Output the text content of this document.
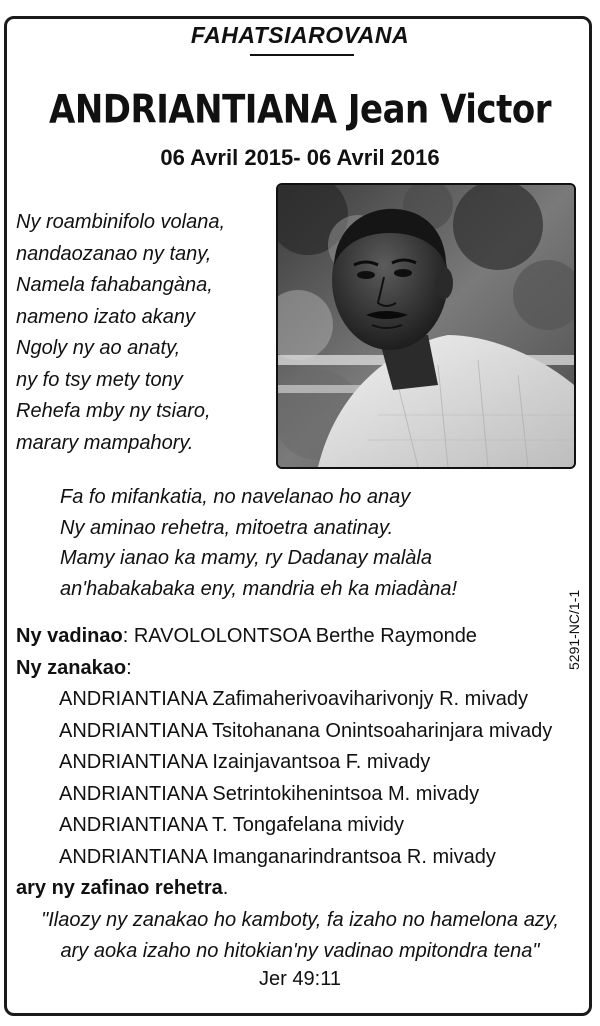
FAHATSIAROVANA
ANDRIANTIANA Jean Victor
06 Avril 2015- 06 Avril 2016
Ny roambinifolo volana,
nandaozanao ny tany,
Namela fahabangàna,
nameno izato akany
Ngoly ny ao anaty,
ny fo tsy mety tony
Rehefa mby ny tsiaro,
marary mampahory.
Fa fo mifankatia, no navelanao ho anay
Ny aminao rehetra, mitoetra anatinay.
Mamy ianao ka mamy, ry Dadanay malàla
an'habakabaka eny, mandria eh ka miadàna!
5291-NC/1-1
Ny vadinao: RAVOLOLONTSOA Berthe Raymonde
Ny zanakao:
ANDRIANTIANA Zafimaherivoaviharivonjy R. mivady
ANDRIANTIANA Tsitohanana Onintsoaharinjara mivady
ANDRIANTIANA Izainjavantsoa F. mivady
ANDRIANTIANA Setrintokihenintsoa M. mivady
ANDRIANTIANA T. Tongafelana mividy
ANDRIANTIANA Imanganarindrantsoa R. mivady
ary ny zafinao rehetra.
"Ilaozy ny zanakao ho kamboty, fa izaho no hamelona azy,
ary aoka izaho no hitokian'ny vadinao mpitondra tena"
Jer 49:11
